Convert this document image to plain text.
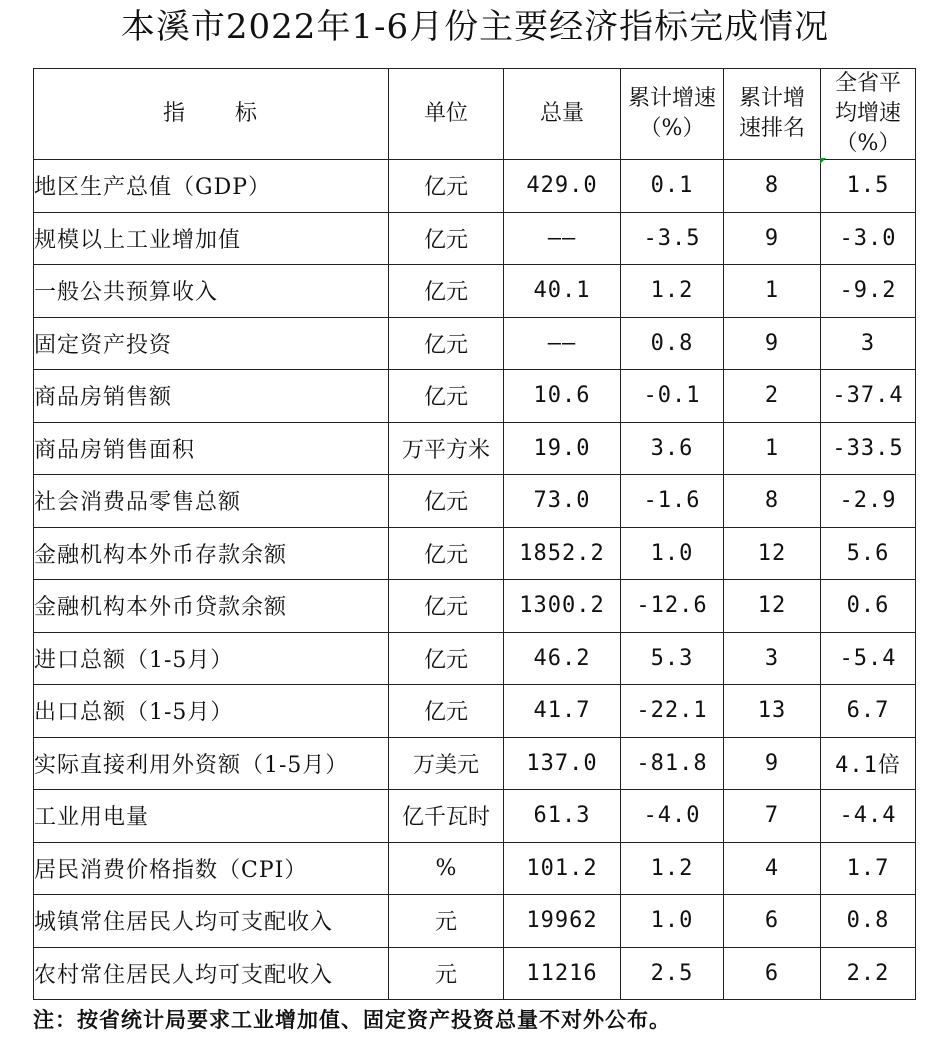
本溪市2022年1-6月份主要经济指标完成情况
指　　标	单位	总量	累计增速（%）	累计增速排名	全省平均增速（%）
地区生产总值（GDP）	亿元	429.0	0.1	8	1.5
规模以上工业增加值	亿元	——	-3.5	9	-3.0
一般公共预算收入	亿元	40.1	1.2	1	-9.2
固定资产投资	亿元	——	0.8	9	3
商品房销售额	亿元	10.6	-0.1	2	-37.4
商品房销售面积	万平方米	19.0	3.6	1	-33.5
社会消费品零售总额	亿元	73.0	-1.6	8	-2.9
金融机构本外币存款余额	亿元	1852.2	1.0	12	5.6
金融机构本外币贷款余额	亿元	1300.2	-12.6	12	0.6
进口总额（1-5月）	亿元	46.2	5.3	3	-5.4
出口总额（1-5月）	亿元	41.7	-22.1	13	6.7
实际直接利用外资额（1-5月）	万美元	137.0	-81.8	9	4.1倍
工业用电量	亿千瓦时	61.3	-4.0	7	-4.4
居民消费价格指数（CPI）	%	101.2	1.2	4	1.7
城镇常住居民人均可支配收入	元	19962	1.0	6	0.8
农村常住居民人均可支配收入	元	11216	2.5	6	2.2
注：按省统计局要求工业增加值、固定资产投资总量不对外公布。
